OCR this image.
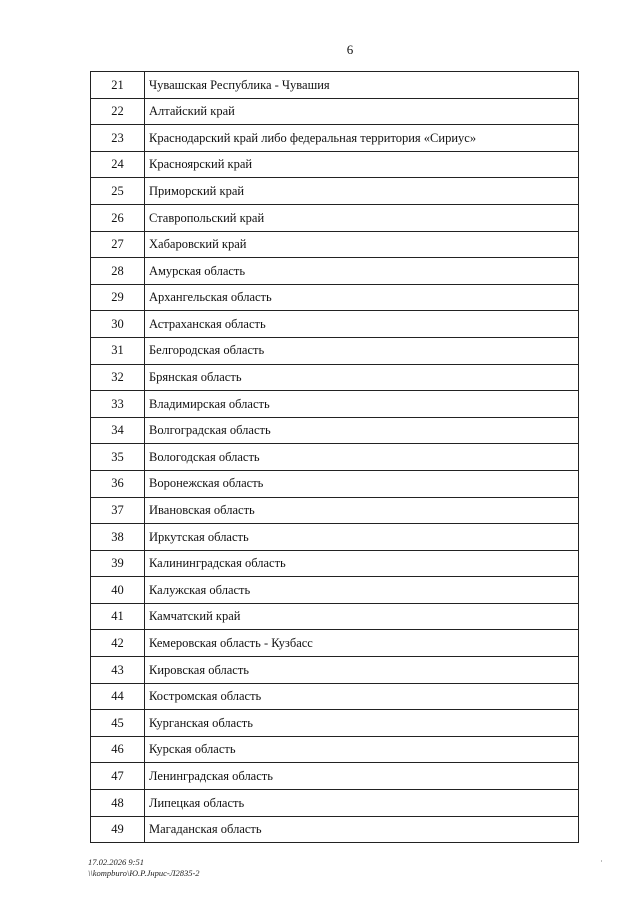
6
21	Чувашская Республика - Чувашия
22	Алтайский край
23	Краснодарский край либо федеральная территория «Сириус»
24	Красноярский край
25	Приморский край
26	Ставропольский край
27	Хабаровский край
28	Амурская область
29	Архангельская область
30	Астраханская область
31	Белгородская область
32	Брянская область
33	Владимирская область
34	Волгоградская область
35	Вологодская область
36	Воронежская область
37	Ивановская область
38	Иркутская область
39	Калининградская область
40	Калужская область
41	Камчатский край
42	Кемеровская область - Кузбасс
43	Кировская область
44	Костромская область
45	Курганская область
46	Курская область
47	Ленинградская область
48	Липецкая область
49	Магаданская область
17.02.2026 9:51
\\kompburo\Ю.Р.Jнрис-Л2835-2
